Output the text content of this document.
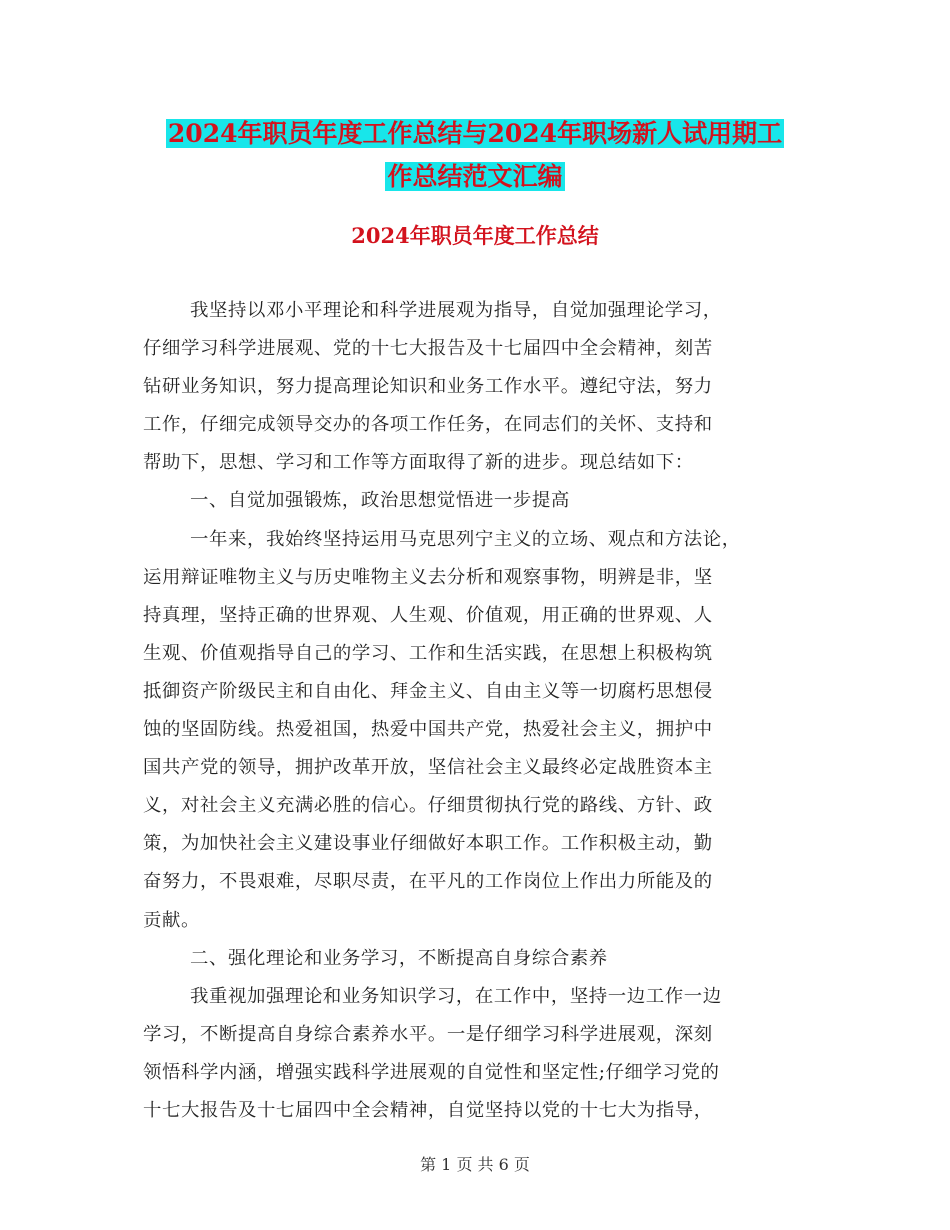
2024年职员年度工作总结与2024年职场新人试用期工
作总结范文汇编
2024年职员年度工作总结
我坚持以邓小平理论和科学进展观为指导，自觉加强理论学习，
仔细学习科学进展观、党的十七大报告及十七届四中全会精神，刻苦
钻研业务知识，努力提高理论知识和业务工作水平。遵纪守法，努力
工作，仔细完成领导交办的各项工作任务，在同志们的关怀、支持和
帮助下，思想、学习和工作等方面取得了新的进步。现总结如下：
一、自觉加强锻炼，政治思想觉悟进一步提高
一年来，我始终坚持运用马克思列宁主义的立场、观点和方法论，
运用辩证唯物主义与历史唯物主义去分析和观察事物，明辨是非，坚
持真理，坚持正确的世界观、人生观、价值观，用正确的世界观、人
生观、价值观指导自己的学习、工作和生活实践，在思想上积极构筑
抵御资产阶级民主和自由化、拜金主义、自由主义等一切腐朽思想侵
蚀的坚固防线。热爱祖国，热爱中国共产党，热爱社会主义，拥护中
国共产党的领导，拥护改革开放，坚信社会主义最终必定战胜资本主
义，对社会主义充满必胜的信心。仔细贯彻执行党的路线、方针、政
策，为加快社会主义建设事业仔细做好本职工作。工作积极主动，勤
奋努力，不畏艰难，尽职尽责，在平凡的工作岗位上作出力所能及的
贡献。
二、强化理论和业务学习，不断提高自身综合素养
我重视加强理论和业务知识学习，在工作中，坚持一边工作一边
学习，不断提高自身综合素养水平。一是仔细学习科学进展观，深刻
领悟科学内涵，增强实践科学进展观的自觉性和坚定性;仔细学习党的
十七大报告及十七届四中全会精神，自觉坚持以党的十七大为指导，
第 1 页 共 6 页
